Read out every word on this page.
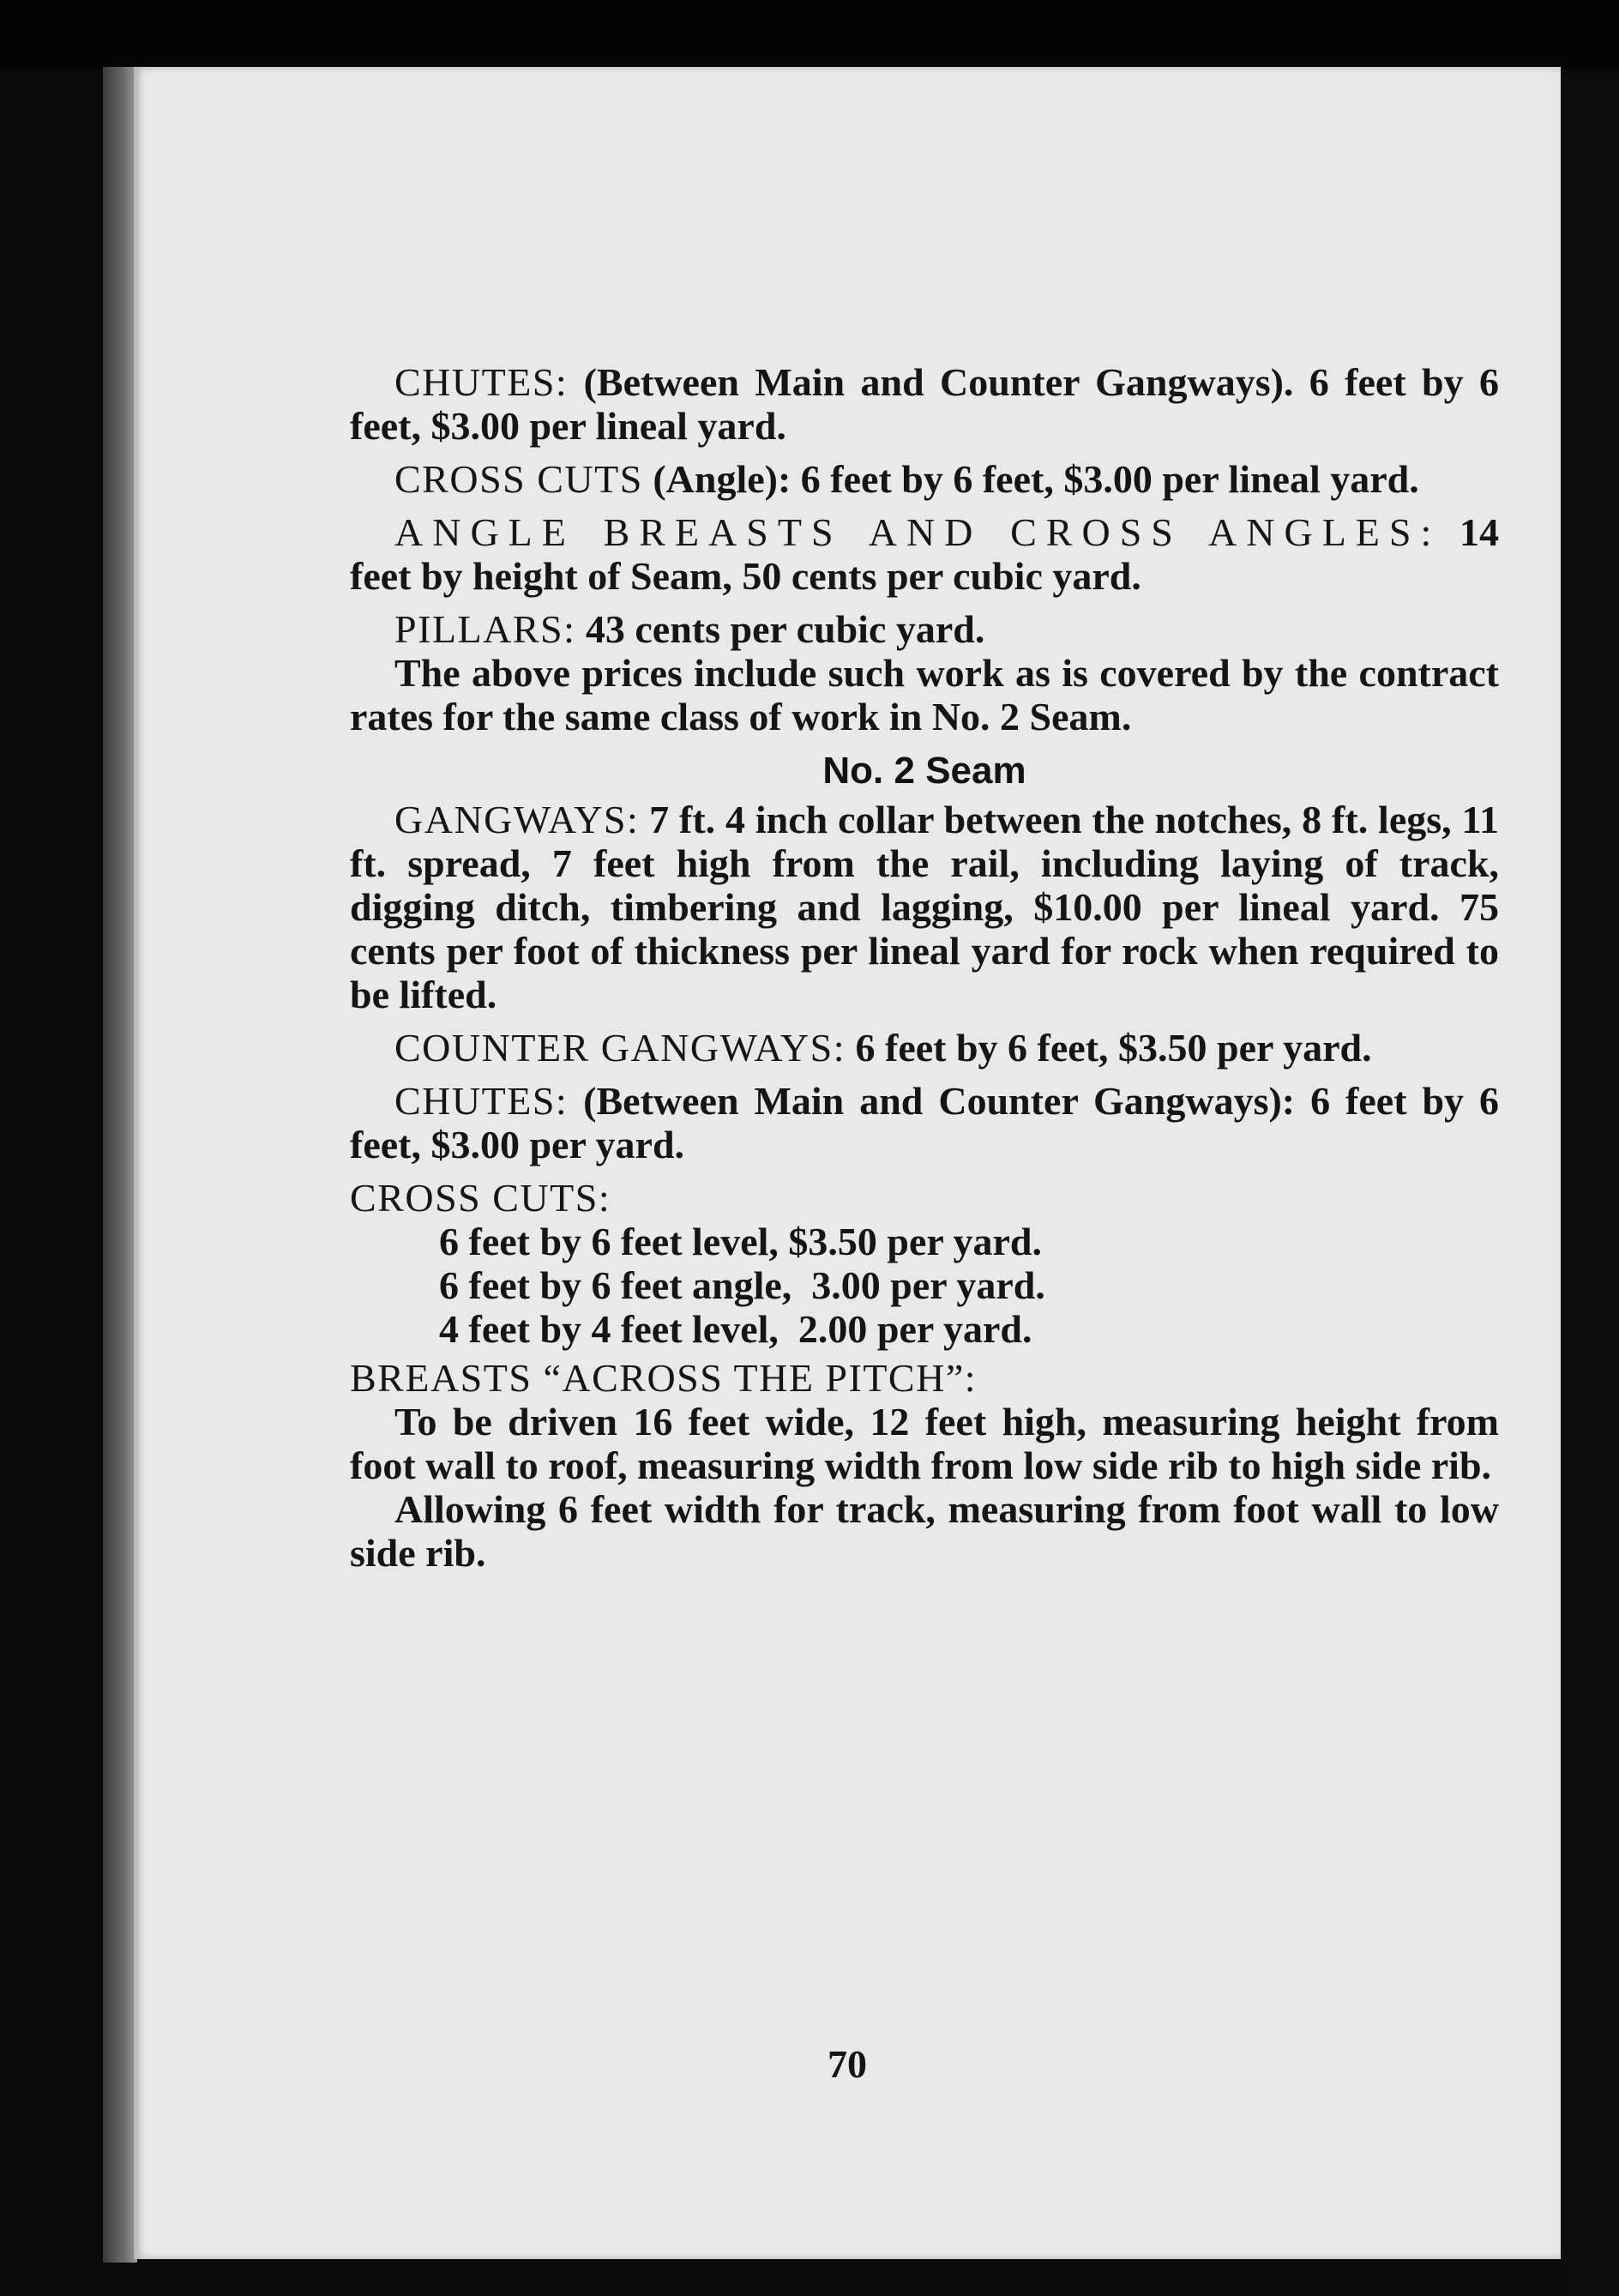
CHUTES: (Between Main and Counter Gangways). 6 feet by 6 feet, $3.00 per lineal yard.

CROSS CUTS (Angle): 6 feet by 6 feet, $3.00 per lineal yard.

ANGLE BREASTS AND CROSS ANGLES: 14 feet by height of Seam, 50 cents per cubic yard.

PILLARS: 43 cents per cubic yard.

The above prices include such work as is covered by the contract rates for the same class of work in No. 2 Seam.

No. 2 Seam

GANGWAYS: 7 ft. 4 inch collar between the notches, 8 ft. legs, 11 ft. spread, 7 feet high from the rail, including laying of track, digging ditch, timbering and lagging, $10.00 per lineal yard. 75 cents per foot of thickness per lineal yard for rock when required to be lifted.

COUNTER GANGWAYS: 6 feet by 6 feet, $3.50 per yard.

CHUTES: (Between Main and Counter Gangways): 6 feet by 6 feet, $3.00 per yard.

CROSS CUTS:

6 feet by 6 feet level, $3.50 per yard.
6 feet by 6 feet angle,  3.00 per yard.
4 feet by 4 feet level,  2.00 per yard.

BREASTS “ACROSS THE PITCH”:

To be driven 16 feet wide, 12 feet high, measuring height from foot wall to roof, measuring width from low side rib to high side rib.

Allowing 6 feet width for track, measuring from foot wall to low side rib.

70
